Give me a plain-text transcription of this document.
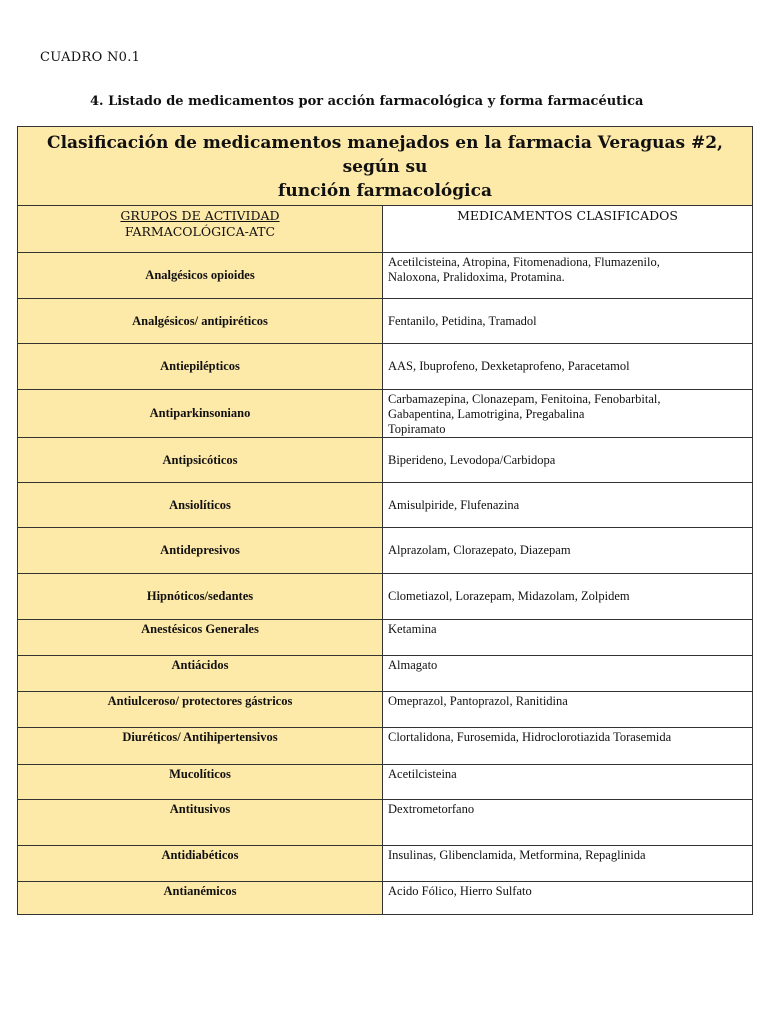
CUADRO N0.1
4. Listado de medicamentos por acción farmacológica y forma farmacéutica
Clasificación de medicamentos manejados en la farmacia Veraguas #2, según su
función farmacológica	

GRUPOS DE ACTIVIDAD
FARMACOLÓGICA-ATC	MEDICAMENTOS CLASIFICADOS
Analgésicos opioides	Acetilcisteina, Atropina, Fitomenadiona, Flumazenilo,
Naloxona, Pralidoxima, Protamina.

Analgésicos/ antipiréticos	Fentanilo, Petidina, Tramadol

Antiepilépticos	AAS, Ibuprofeno, Dexketaprofeno, Paracetamol

Antiparkinsoniano	Carbamazepina, Clonazepam, Fenitoina, Fenobarbital,
Gabapentina, Lamotrigina, Pregabalina
Topiramato

Antipsicóticos	Biperideno, Levodopa/Carbidopa

Ansiolíticos	Amisulpiride, Flufenazina

Antidepresivos	Alprazolam, Clorazepato, Diazepam

Hipnóticos/sedantes	Clometiazol, Lorazepam, Midazolam, Zolpidem

Anestésicos Generales	Ketamina

Antiácidos	Almagato

Antiulceroso/ protectores gástricos	Omeprazol, Pantoprazol, Ranitidina

Diuréticos/ Antihipertensivos	Clortalidona, Furosemida, Hidroclorotiazida Torasemida

Mucolíticos	Acetilcisteina

Antitusivos	Dextrometorfano

Antidiabéticos	Insulinas, Glibenclamida, Metformina, Repaglinida

Antianémicos	Acido Fólico, Hierro Sulfato
